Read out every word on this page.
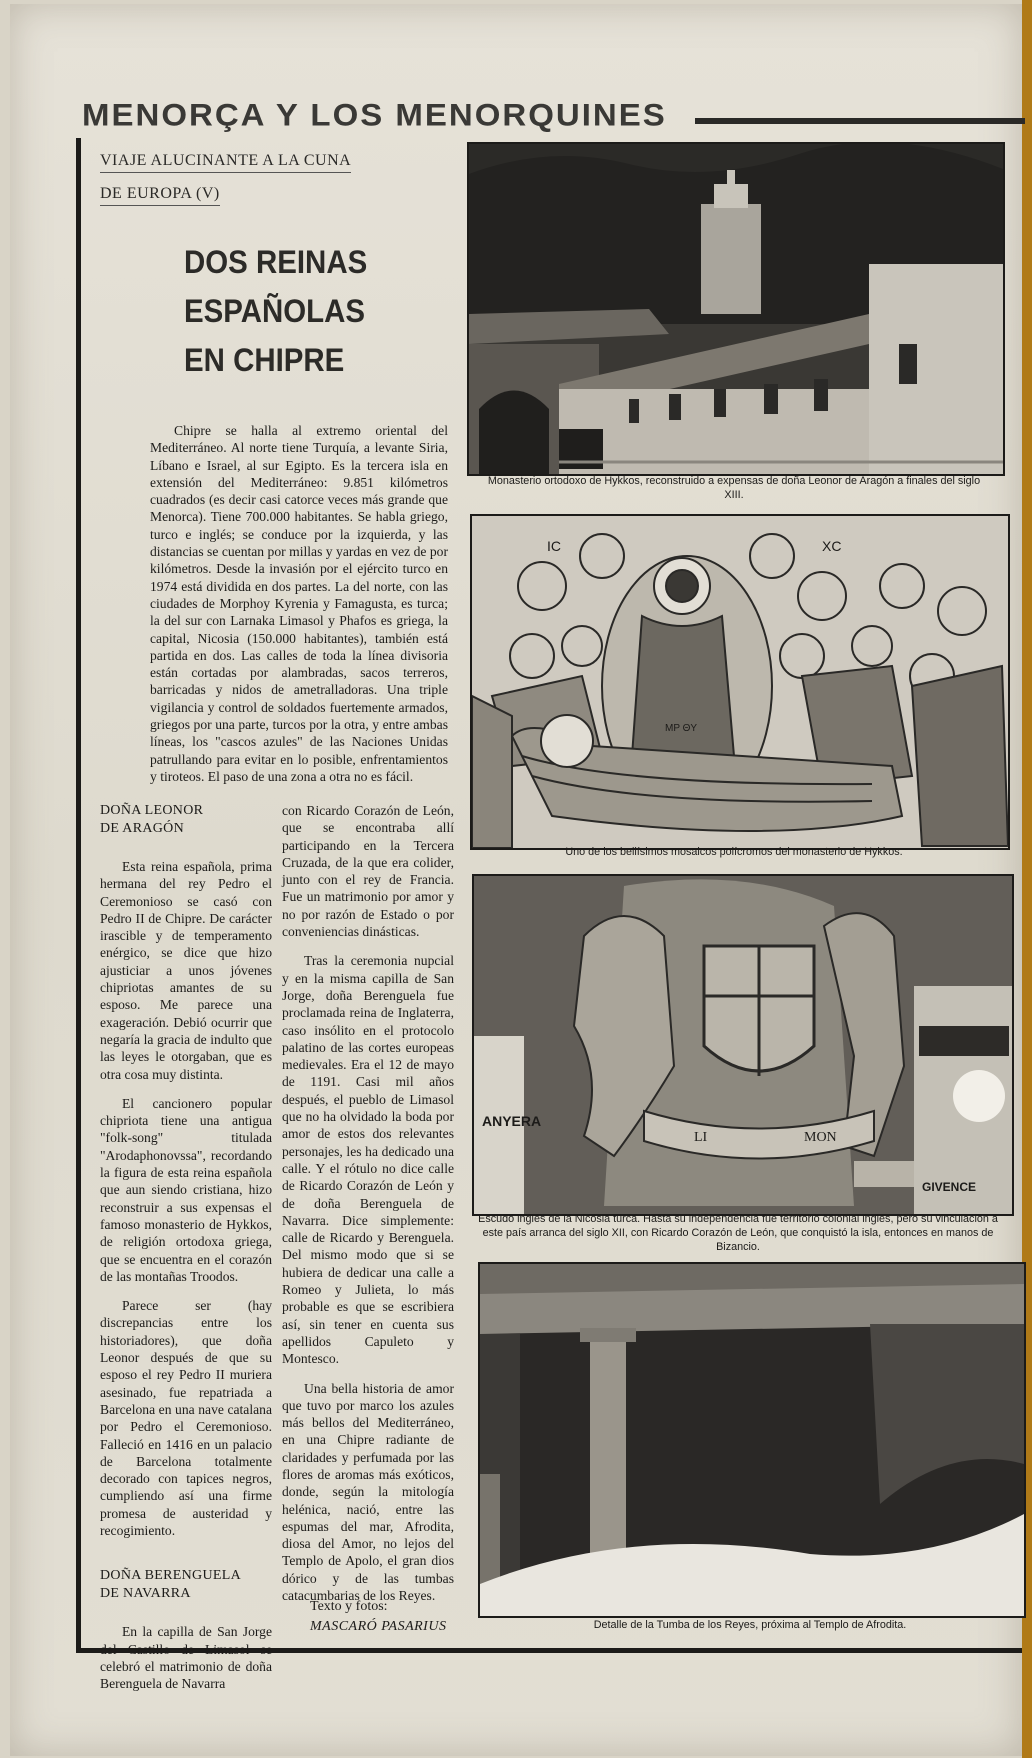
MENORÇA Y LOS MENORQUINES
VIAJE ALUCINANTE A LA CUNA
DE EUROPA (V)
DOS REINAS
ESPAÑOLAS
EN CHIPRE
Chipre se halla al extremo oriental del Mediterráneo. Al norte tiene Turquía, a levante Siria, Líbano e Israel, al sur Egipto. Es la tercera isla en extensión del Mediterráneo: 9.851 kilómetros cuadrados (es decir casi catorce veces más grande que Menorca). Tiene 700.000 habitantes. Se habla griego, turco e inglés; se conduce por la izquierda, y las distancias se cuentan por millas y yardas en vez de por kilómetros. Desde la invasión por el ejército turco en 1974 está dividida en dos partes. La del norte, con las ciudades de Morphoy Kyrenia y Famagusta, es turca; la del sur con Larnaka Limasol y Phafos es griega, la capital, Nicosia (150.000 habitantes), también está partida en dos. Las calles de toda la línea divisoria están cortadas por alambradas, sacos terreros, barricadas y nidos de ametralladoras. Una triple vigilancia y control de soldados fuertemente armados, griegos por una parte, turcos por la otra, y entre ambas líneas, los "cascos azules" de las Naciones Unidas patrullando para evitar en lo posible, enfrentamientos y tiroteos. El paso de una zona a otra no es fácil.

DOÑA LEONOR
DE ARAGÓN

Esta reina española, prima hermana del rey Pedro el Ceremonioso se casó con Pedro II de Chipre. De carácter irascible y de temperamento enérgico, se dice que hizo ajusticiar a unos jóvenes chipriotas amantes de su esposo. Me parece una exageración. Debió ocurrir que negaría la gracia de indulto que las leyes le otorgaban, que es otra cosa muy distinta.

El cancionero popular chipriota tiene una antigua "folk-song" titulada "Arodaphonovssa", recordando la figura de esta reina española que aun siendo cristiana, hizo reconstruir a sus expensas el famoso monasterio de Hykkos, de religión ortodoxa griega, que se encuentra en el corazón de las montañas Troodos.

Parece ser (hay discrepancias entre los historiadores), que doña Leonor después de que su esposo el rey Pedro II muriera asesinado, fue repatriada a Barcelona en una nave catalana por Pedro el Ceremonioso. Falleció en 1416 en un palacio de Barcelona totalmente decorado con tapices negros, cumpliendo así una firme promesa de austeridad y recogimiento.

DOÑA BERENGUELA
DE NAVARRA

En la capilla de San Jorge del Castillo de Limasol se celebró el matrimonio de doña Berenguela de Navarra

con Ricardo Corazón de León, que se encontraba allí participando en la Tercera Cruzada, de la que era colider, junto con el rey de Francia. Fue un matrimonio por amor y no por razón de Estado o por conveniencias dinásticas.

Tras la ceremonia nupcial y en la misma capilla de San Jorge, doña Berenguela fue proclamada reina de Inglaterra, caso insólito en el protocolo palatino de las cortes europeas medievales. Era el 12 de mayo de 1191. Casi mil años después, el pueblo de Limasol que no ha olvidado la boda por amor de estos dos relevantes personajes, les ha dedicado una calle. Y el rótulo no dice calle de Ricardo Corazón de León y de doña Berenguela de Navarra. Dice simplemente: calle de Ricardo y Berenguela. Del mismo modo que si se hubiera de dedicar una calle a Romeo y Julieta, lo más probable es que se escribiera así, sin tener en cuenta sus apellidos Capuleto y Montesco.

Una bella historia de amor que tuvo por marco los azules más bellos del Mediterráneo, en una Chipre radiante de claridades y perfumada por las flores de aromas más exóticos, donde, según la mitología helénica, nació, entre las espumas del mar, Afrodita, diosa del Amor, no lejos del Templo de Apolo, el gran dios dórico y de las tumbas catacumbarias de los Reyes.

Texto y fotos:
MASCARÓ PASARIUS
Monasterio ortodoxo de Hykkos, reconstruido a expensas de doña Leonor de Aragón a finales del siglo XIII.
IC	XC
MP ΘY
Uno de los bellísimos mosaicos polícromos del monasterio de Hykkos.
ANYERA
GIVENCE
LI	MON
Escudo inglés de la Nicosia turca. Hasta su independencia fue territorio colonial inglés, pero su vinculación a este país arranca del siglo XII, con Ricardo Corazón de León, que conquistó la isla, entonces en manos de Bizancio.
Detalle de la Tumba de los Reyes, próxima al Templo de Afrodita.
